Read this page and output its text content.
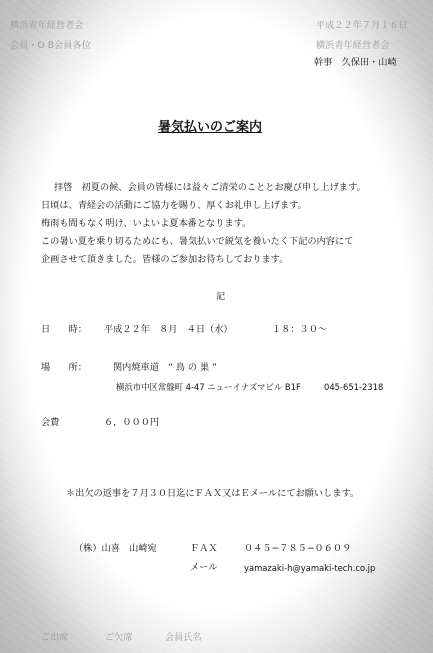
横浜青年経営者会
会員・O B会員各位
平成２２年７月１６日
横浜青年経営者会
幹事　久保田・山崎
暑気払いのご案内
拝啓　初夏の候、会員の皆様には益々ご清栄のこととお慶び申し上げます。
日頃は、青経会の活動にご協力を賜り、厚くお礼申し上げます。
梅雨も間もなく明け、いよいよ夏本番となります。
この暑い夏を乗り切るためにも、暑気払いで鋭気を養いたく下記の内容にて
企画させて頂きました。皆様のご参加お待ちしております。
記
日　　時： 平成２２年　８月　４日（水）	１８：３０〜
場　　所：	関内焼車道　“ 鳥 の 巣 ”
横浜市中区常盤町 4-47 ニューイナズマビル B1F	045-651-2318
会費	６，０００円
＊出欠の返事を７月３０日迄にＦＡＸ又はＥメールにてお願いします。
（株）山喜　山崎宛	ＦＡＸ	０４５−７８５−０６０９
メール	yamazaki-h@yamaki-tech.co.jp
ご出席	ご欠席	会員氏名
